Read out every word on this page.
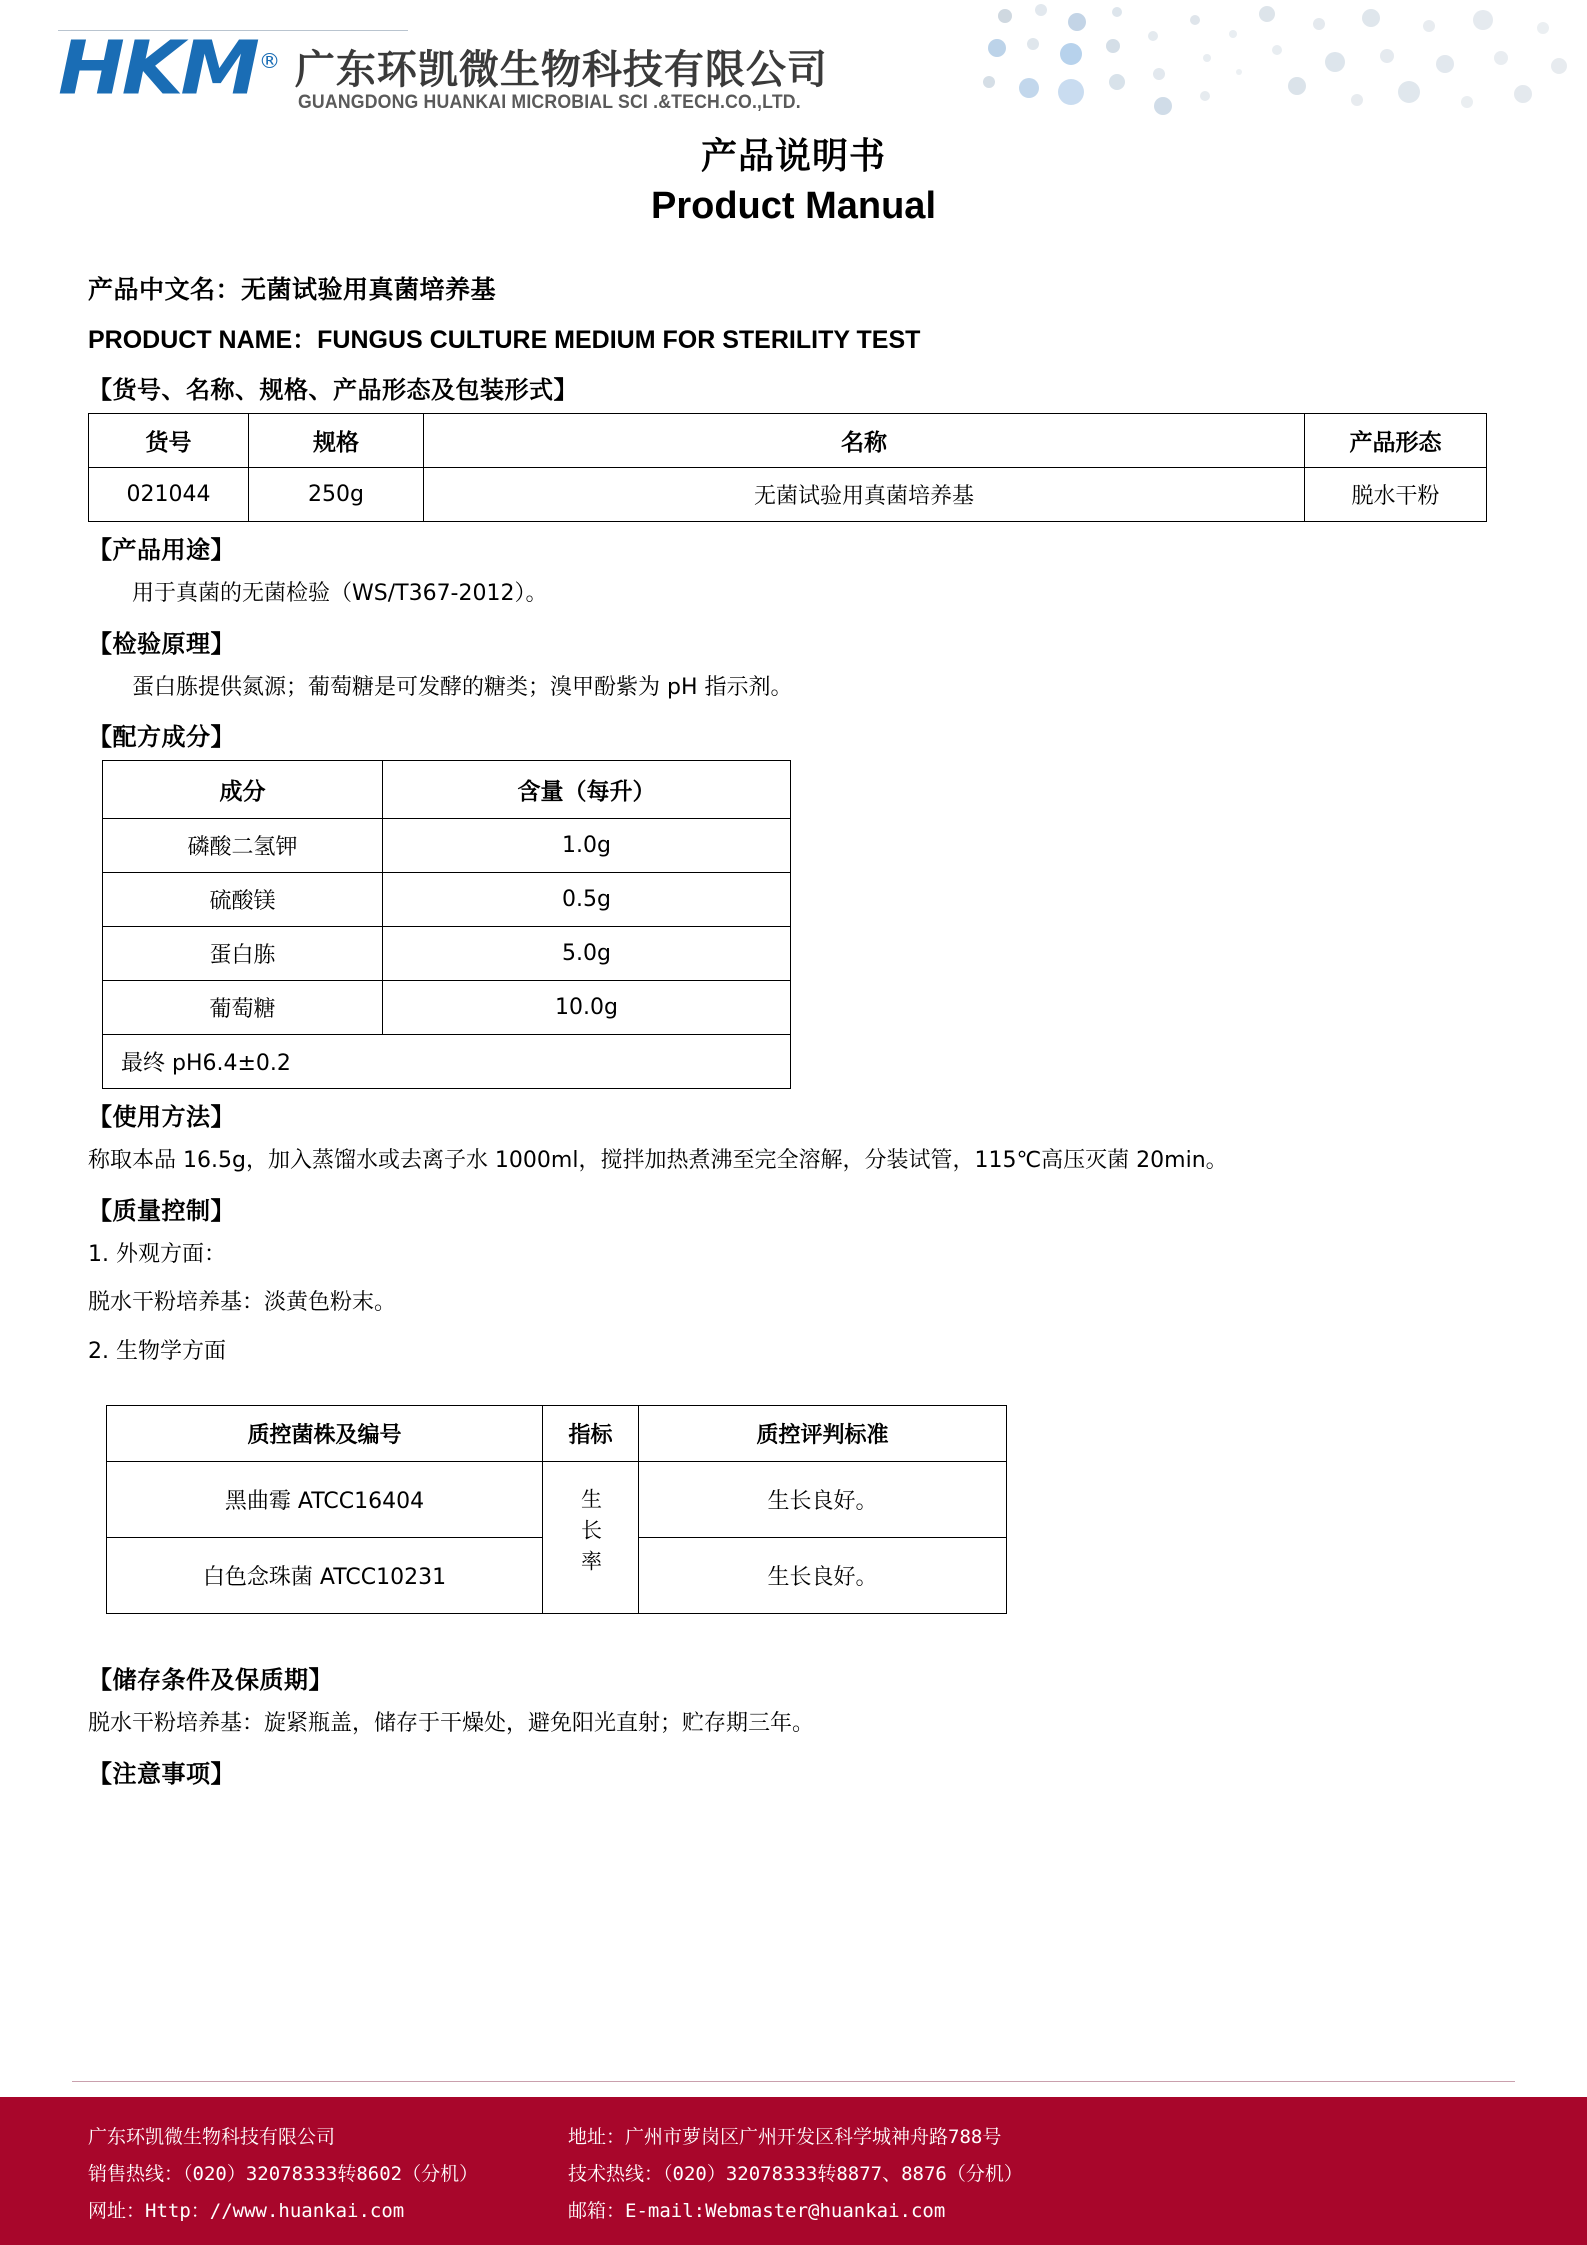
HKM ® 广东环凯微生物科技有限公司
GUANGDONG HUANKAI MICROBIAL SCI .&TECH.CO.,LTD.
产品说明书
Product Manual
产品中文名：无菌试验用真菌培养基
PRODUCT NAME：FUNGUS CULTURE MEDIUM FOR STERILITY TEST
【货号、名称、规格、产品形态及包装形式】
货号	规格	名称	产品形态
021044	250g	无菌试验用真菌培养基	脱水干粉
【产品用途】
用于真菌的无菌检验（WS/T367-2012）。
【检验原理】
蛋白胨提供氮源；葡萄糖是可发酵的糖类；溴甲酚紫为 pH 指示剂。
【配方成分】
成分	含量（每升）
磷酸二氢钾	1.0g
硫酸镁	0.5g
蛋白胨	5.0g
葡萄糖	10.0g
最终 pH6.4±0.2	
【使用方法】
称取本品 16.5g，加入蒸馏水或去离子水 1000ml，搅拌加热煮沸至完全溶解，分装试管，115℃高压灭菌 20min。
【质量控制】
1. 外观方面：
脱水干粉培养基：淡黄色粉末。
2. 生物学方面
质控菌株及编号	指标	质控评判标准
黑曲霉 ATCC16404	生长率	生长良好。
白色念珠菌 ATCC10231		生长良好。
【储存条件及保质期】
脱水干粉培养基：旋紧瓶盖，储存于干燥处，避免阳光直射；贮存期三年。
【注意事项】
广东环凯微生物科技有限公司
销售热线：（020）32078333转8602（分机）
网址：Http：//www.huankai.com
地址：广州市萝岗区广州开发区科学城神舟路788号
技术热线：（020）32078333转8877、8876（分机）
邮箱：E-mail:Webmaster@huankai.com
